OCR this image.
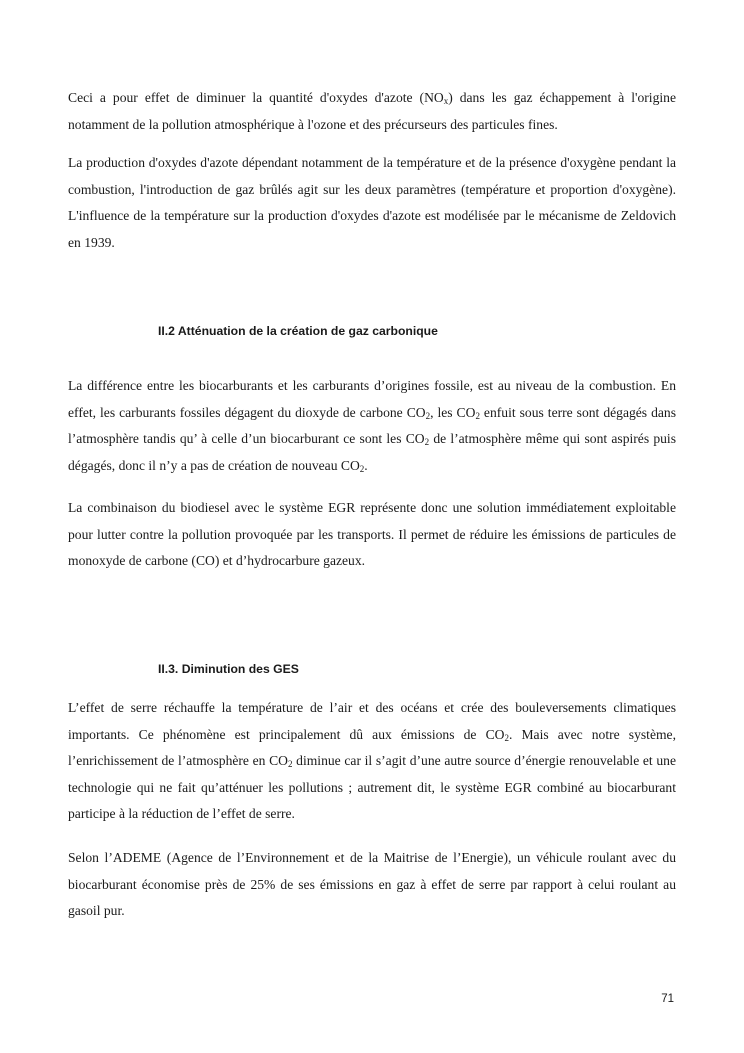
Ceci a pour effet de diminuer la quantité d'oxydes d'azote $(NO_x)$ dans les gaz échappement à l'origine notamment de la pollution atmosphérique à l'ozone et des précurseurs des particules fines.

La production d'oxydes d'azote dépendant notamment de la température et de la présence d'oxygène pendant la combustion, l'introduction de gaz brûlés agit sur les deux paramètres (température et proportion d'oxygène). L'influence de la température sur la production d'oxydes d'azote est modélisée par le mécanisme de Zeldovich en 1939.

II.2 Atténuation de la création de gaz carbonique

La différence entre les biocarburants et les carburants d’origines fossile, est au niveau de la combustion. En effet, les carburants fossiles dégagent du dioxyde de carbone $CO_2$, les $CO_2$ enfuit sous terre sont dégagés dans l’atmosphère tandis qu’ à celle d’un biocarburant ce sont les $CO_2$ de l’atmosphère même qui sont aspirés puis dégagés, donc il n’y a pas de création de nouveau $CO_2$.

La combinaison du biodiesel avec le système EGR représente donc une solution immédiatement exploitable pour lutter contre la pollution provoquée par les transports. Il permet de réduire les émissions de particules de monoxyde de carbone (CO) et d’hydrocarbure gazeux.

II.3. Diminution des GES

L’effet de serre réchauffe la température de l’air et des océans et crée des bouleversements climatiques importants. Ce phénomène est principalement dû aux émissions de $CO_2$. Mais avec notre système, l’enrichissement de l’atmosphère en $CO_2$ diminue car il s’agit d’une autre source d’énergie renouvelable et une technologie qui ne fait qu’atténuer les pollutions ; autrement dit, le système EGR combiné au biocarburant participe à la réduction de l’effet de serre.

Selon l’ADEME (Agence de l’Environnement et de la Maitrise de l’Energie), un véhicule roulant avec du biocarburant économise près de 25% de ses émissions en gaz à effet de serre par rapport à celui roulant au gasoil pur.

71
